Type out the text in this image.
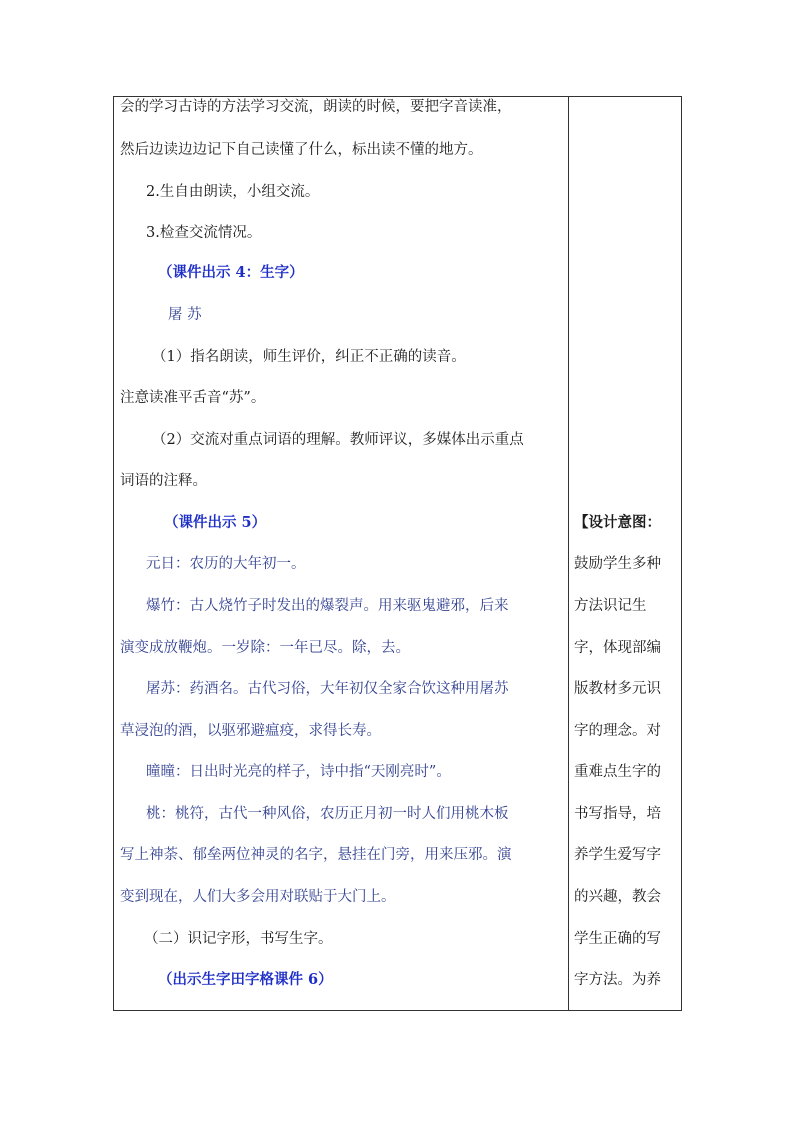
会的学习古诗的方法学习交流，朗读的时候，要把字音读准，
然后边读边边记下自己读懂了什么，标出读不懂的地方。
2.生自由朗读，小组交流。
3.检查交流情况。
（课件出示 4：生字）
屠 苏
（1）指名朗读，师生评价，纠正不正确的读音。
注意读准平舌音“苏”。
（2）交流对重点词语的理解。教师评议，多媒体出示重点
词语的注释。
（课件出示 5）
元日：农历的大年初一。
爆竹：古人烧竹子时发出的爆裂声。用来驱鬼避邪，后来
演变成放鞭炮。一岁除：一年已尽。除，去。
屠苏：药酒名。古代习俗，大年初仅全家合饮这种用屠苏
草浸泡的酒，以驱邪避瘟疫，求得长寿。
曈曈：日出时光亮的样子，诗中指“天刚亮时”。
桃：桃符，古代一种风俗，农历正月初一时人们用桃木板
写上神荼、郁垒两位神灵的名字，悬挂在门旁，用来压邪。演
变到现在，人们大多会用对联贴于大门上。
（二）识记字形，书写生字。
（出示生字田字格课件 6）
【设计意图：
鼓励学生多种
方法识记生
字，体现部编
版教材多元识
字的理念。对
重难点生字的
书写指导，培
养学生爱写字
的兴趣，教会
学生正确的写
字方法。为养
